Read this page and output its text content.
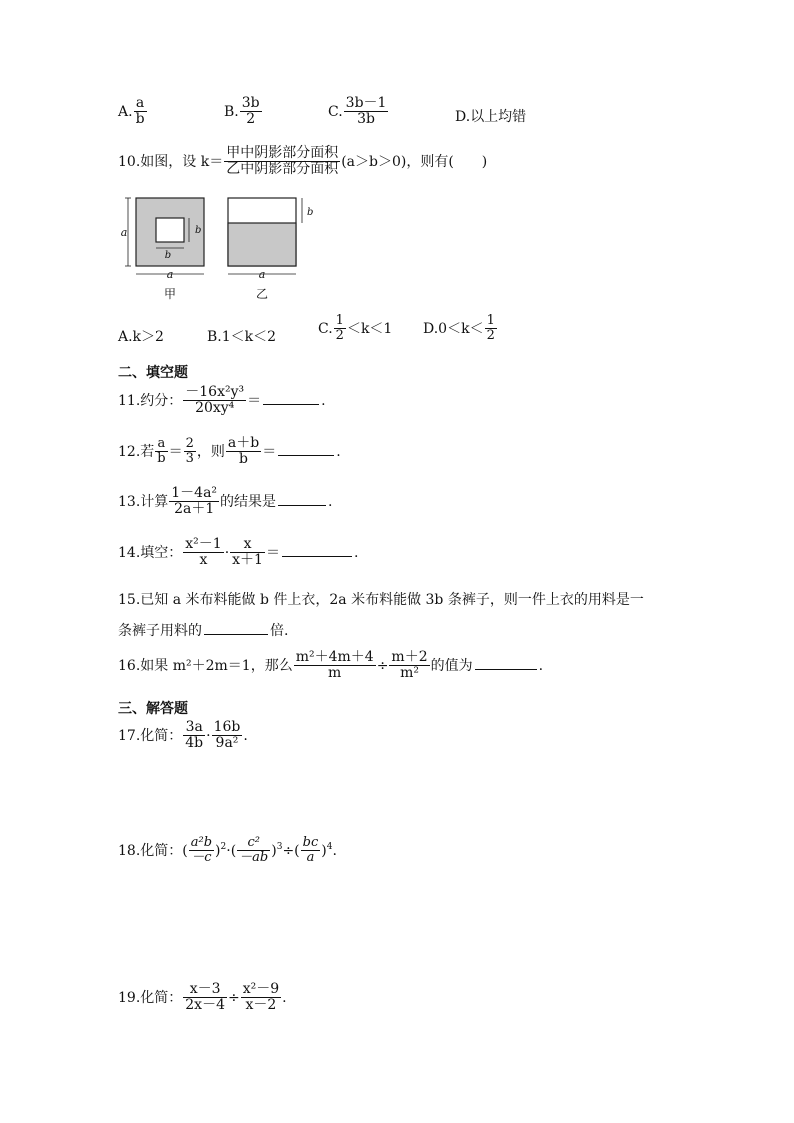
A. $\frac{a}{b}$	B. $\frac{3b}{2}$	C. $\frac{3b-1}{3b}$	D.以上均错
10.如图，设 $k= \frac{\text{甲中阴影部分面积}}{\text{乙中阴影部分面积}} (a>b>0)$，则有(　　)
a
a
b
b
甲
b
a
乙
A.k＞2	B.1＜k＜2
C. $\frac{1}{2} <k<1$ $D.0<k< \frac{1}{2}$
二、填空题
11.约分： $\frac{\text{－16x²y³}}{\text{20xy⁴}}$ ＝	.
12.若 $\frac{a}{b} = \frac{2}{3}$ ，则 $\frac{a+b}{b}$ ＝	.
13.计算 $\frac{\text{1－4a²}}{2a+1}$ 的结果是	.
14.填空： $\frac{\text{x²－1}}{x} \cdot \frac{x}{x+1}$ ＝	.
15.已知 a 米布料能做 b 件上衣，2a 米布料能做 3b 条裤子，则一件上衣的用料是一
条裤子用料的	倍.
16.如果 m²＋2m＝1，那么 $\frac{\text{m²＋4m＋4}}{m} \div \frac{m+2}{\text{m²}}$ 的值为	.
三、解答题
17.化简： $\frac{3a}{4b} \cdot \frac{16b}{\text{9a²}}$ .
18.化简：( $\frac{\text{a²b}}{-c} )^2\cdot( \frac{\text{c²}}{-ab} )^3\div( \frac{bc}{a} )^4$.
19.化简： $\frac{x-3}{2x-4} \div \frac{\text{x²－9}}{x-2}$ .
